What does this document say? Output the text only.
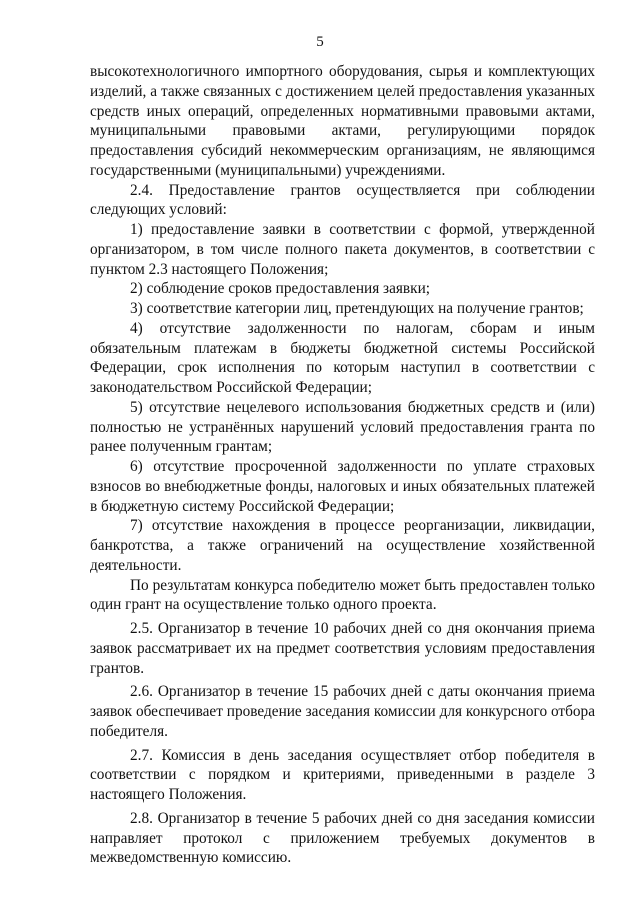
5

высокотехнологичного импортного оборудования, сырья и комплектующих изделий, а также связанных с достижением целей предоставления указанных средств иных операций, определенных нормативными правовыми актами, муниципальными правовыми актами, регулирующими порядок предоставления субсидий некоммерческим организациям, не являющимся государственными (муниципальными) учреждениями.

2.4. Предоставление грантов осуществляется при соблюдении следующих условий:

1) предоставление заявки в соответствии с формой, утвержденной организатором, в том числе полного пакета документов, в соответствии с пунктом 2.3 настоящего Положения;

2) соблюдение сроков предоставления заявки;

3) соответствие категории лиц, претендующих на получение грантов;

4) отсутствие задолженности по налогам, сборам и иным обязательным платежам в бюджеты бюджетной системы Российской Федерации, срок исполнения по которым наступил в соответствии с законодательством Российской Федерации;

5) отсутствие нецелевого использования бюджетных средств и (или) полностью не устранённых нарушений условий предоставления гранта по ранее полученным грантам;

6) отсутствие просроченной задолженности по уплате страховых взносов во внебюджетные фонды, налоговых и иных обязательных платежей в бюджетную систему Российской Федерации;

7) отсутствие нахождения в процессе реорганизации, ликвидации, банкротства, а также ограничений на осуществление хозяйственной деятельности.

По результатам конкурса победителю может быть предоставлен только один грант на осуществление только одного проекта.

2.5. Организатор в течение 10 рабочих дней со дня окончания приема заявок рассматривает их на предмет соответствия условиям предоставления грантов.

2.6. Организатор в течение 15 рабочих дней с даты окончания приема заявок обеспечивает проведение заседания комиссии для конкурсного отбора победителя.

2.7. Комиссия в день заседания осуществляет отбор победителя в соответствии с порядком и критериями, приведенными в разделе 3 настоящего Положения.

2.8. Организатор в течение 5 рабочих дней со дня заседания комиссии направляет протокол с приложением требуемых документов в межведомственную комиссию.
